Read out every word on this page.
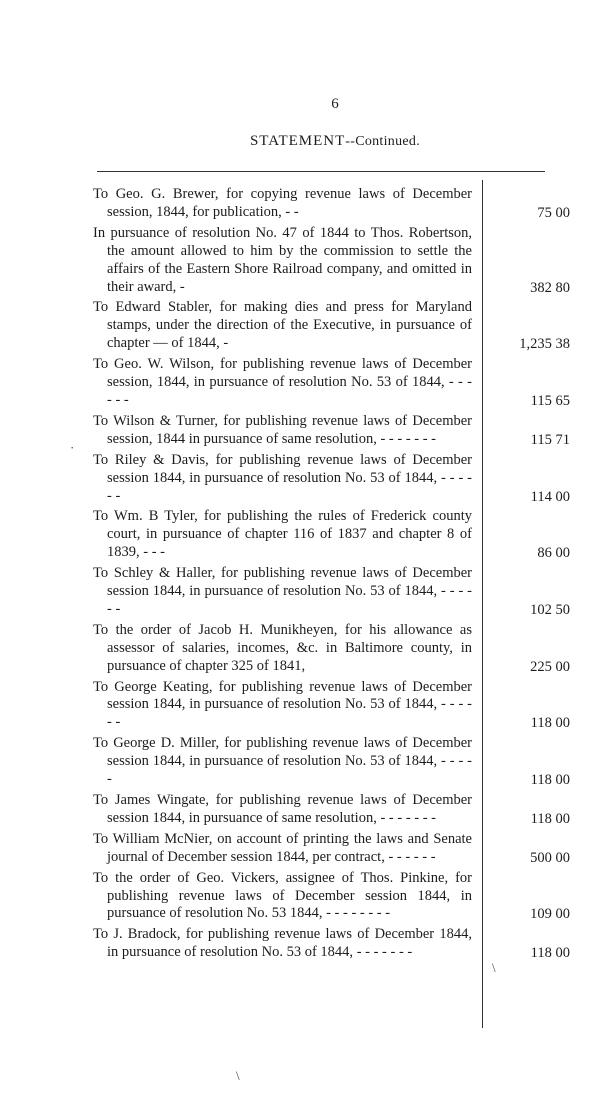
6
STATEMENT--Continued.
To Geo. G. Brewer, for copying revenue laws of December session, 1844, for publication, - -	75 00
In pursuance of resolution No. 47 of 1844 to Thos. Robertson, the amount allowed to him by the commission to settle the affairs of the Eastern Shore Railroad company, and omitted in their award, -	382 80
To Edward Stabler, for making dies and press for Maryland stamps, under the direction of the Executive, in pursuance of chapter — of 1844, -	1,235 38
To Geo. W. Wilson, for publishing revenue laws of December session, 1844, in pursuance of resolution No. 53 of 1844, - - - - - -	115 65
To Wilson & Turner, for publishing revenue laws of December session, 1844 in pursuance of same resolution, - - - - - - -	115 71
To Riley & Davis, for publishing revenue laws of December session 1844, in pursuance of resolution No. 53 of 1844, - - - - - -	114 00
To Wm. B Tyler, for publishing the rules of Frederick county court, in pursuance of chapter 116 of 1837 and chapter 8 of 1839, - - -	86 00
To Schley & Haller, for publishing revenue laws of December session 1844, in pursuance of resolution No. 53 of 1844, - - - - - -	102 50
To the order of Jacob H. Munikheyen, for his allowance as assessor of salaries, incomes, &c. in Baltimore county, in pursuance of chapter 325 of 1841,	225 00
To George Keating, for publishing revenue laws of December session 1844, in pursuance of resolution No. 53 of 1844, - - - - - -	118 00
To George D. Miller, for publishing revenue laws of December session 1844, in pursuance of resolution No. 53 of 1844, - - - - -	118 00
To James Wingate, for publishing revenue laws of December session 1844, in pursuance of same resolution, - - - - - - -	118 00
To William McNier, on account of printing the laws and Senate journal of December session 1844, per contract, - - - - - -	500 00
To the order of Geo. Vickers, assignee of Thos. Pinkine, for publishing revenue laws of December session 1844, in pursuance of resolution No. 53 1844, - - - - - - - -	109 00
To J. Bradock, for publishing revenue laws of December 1844, in pursuance of resolution No. 53 of 1844, - - - - - - -	118 00
·
\
\
